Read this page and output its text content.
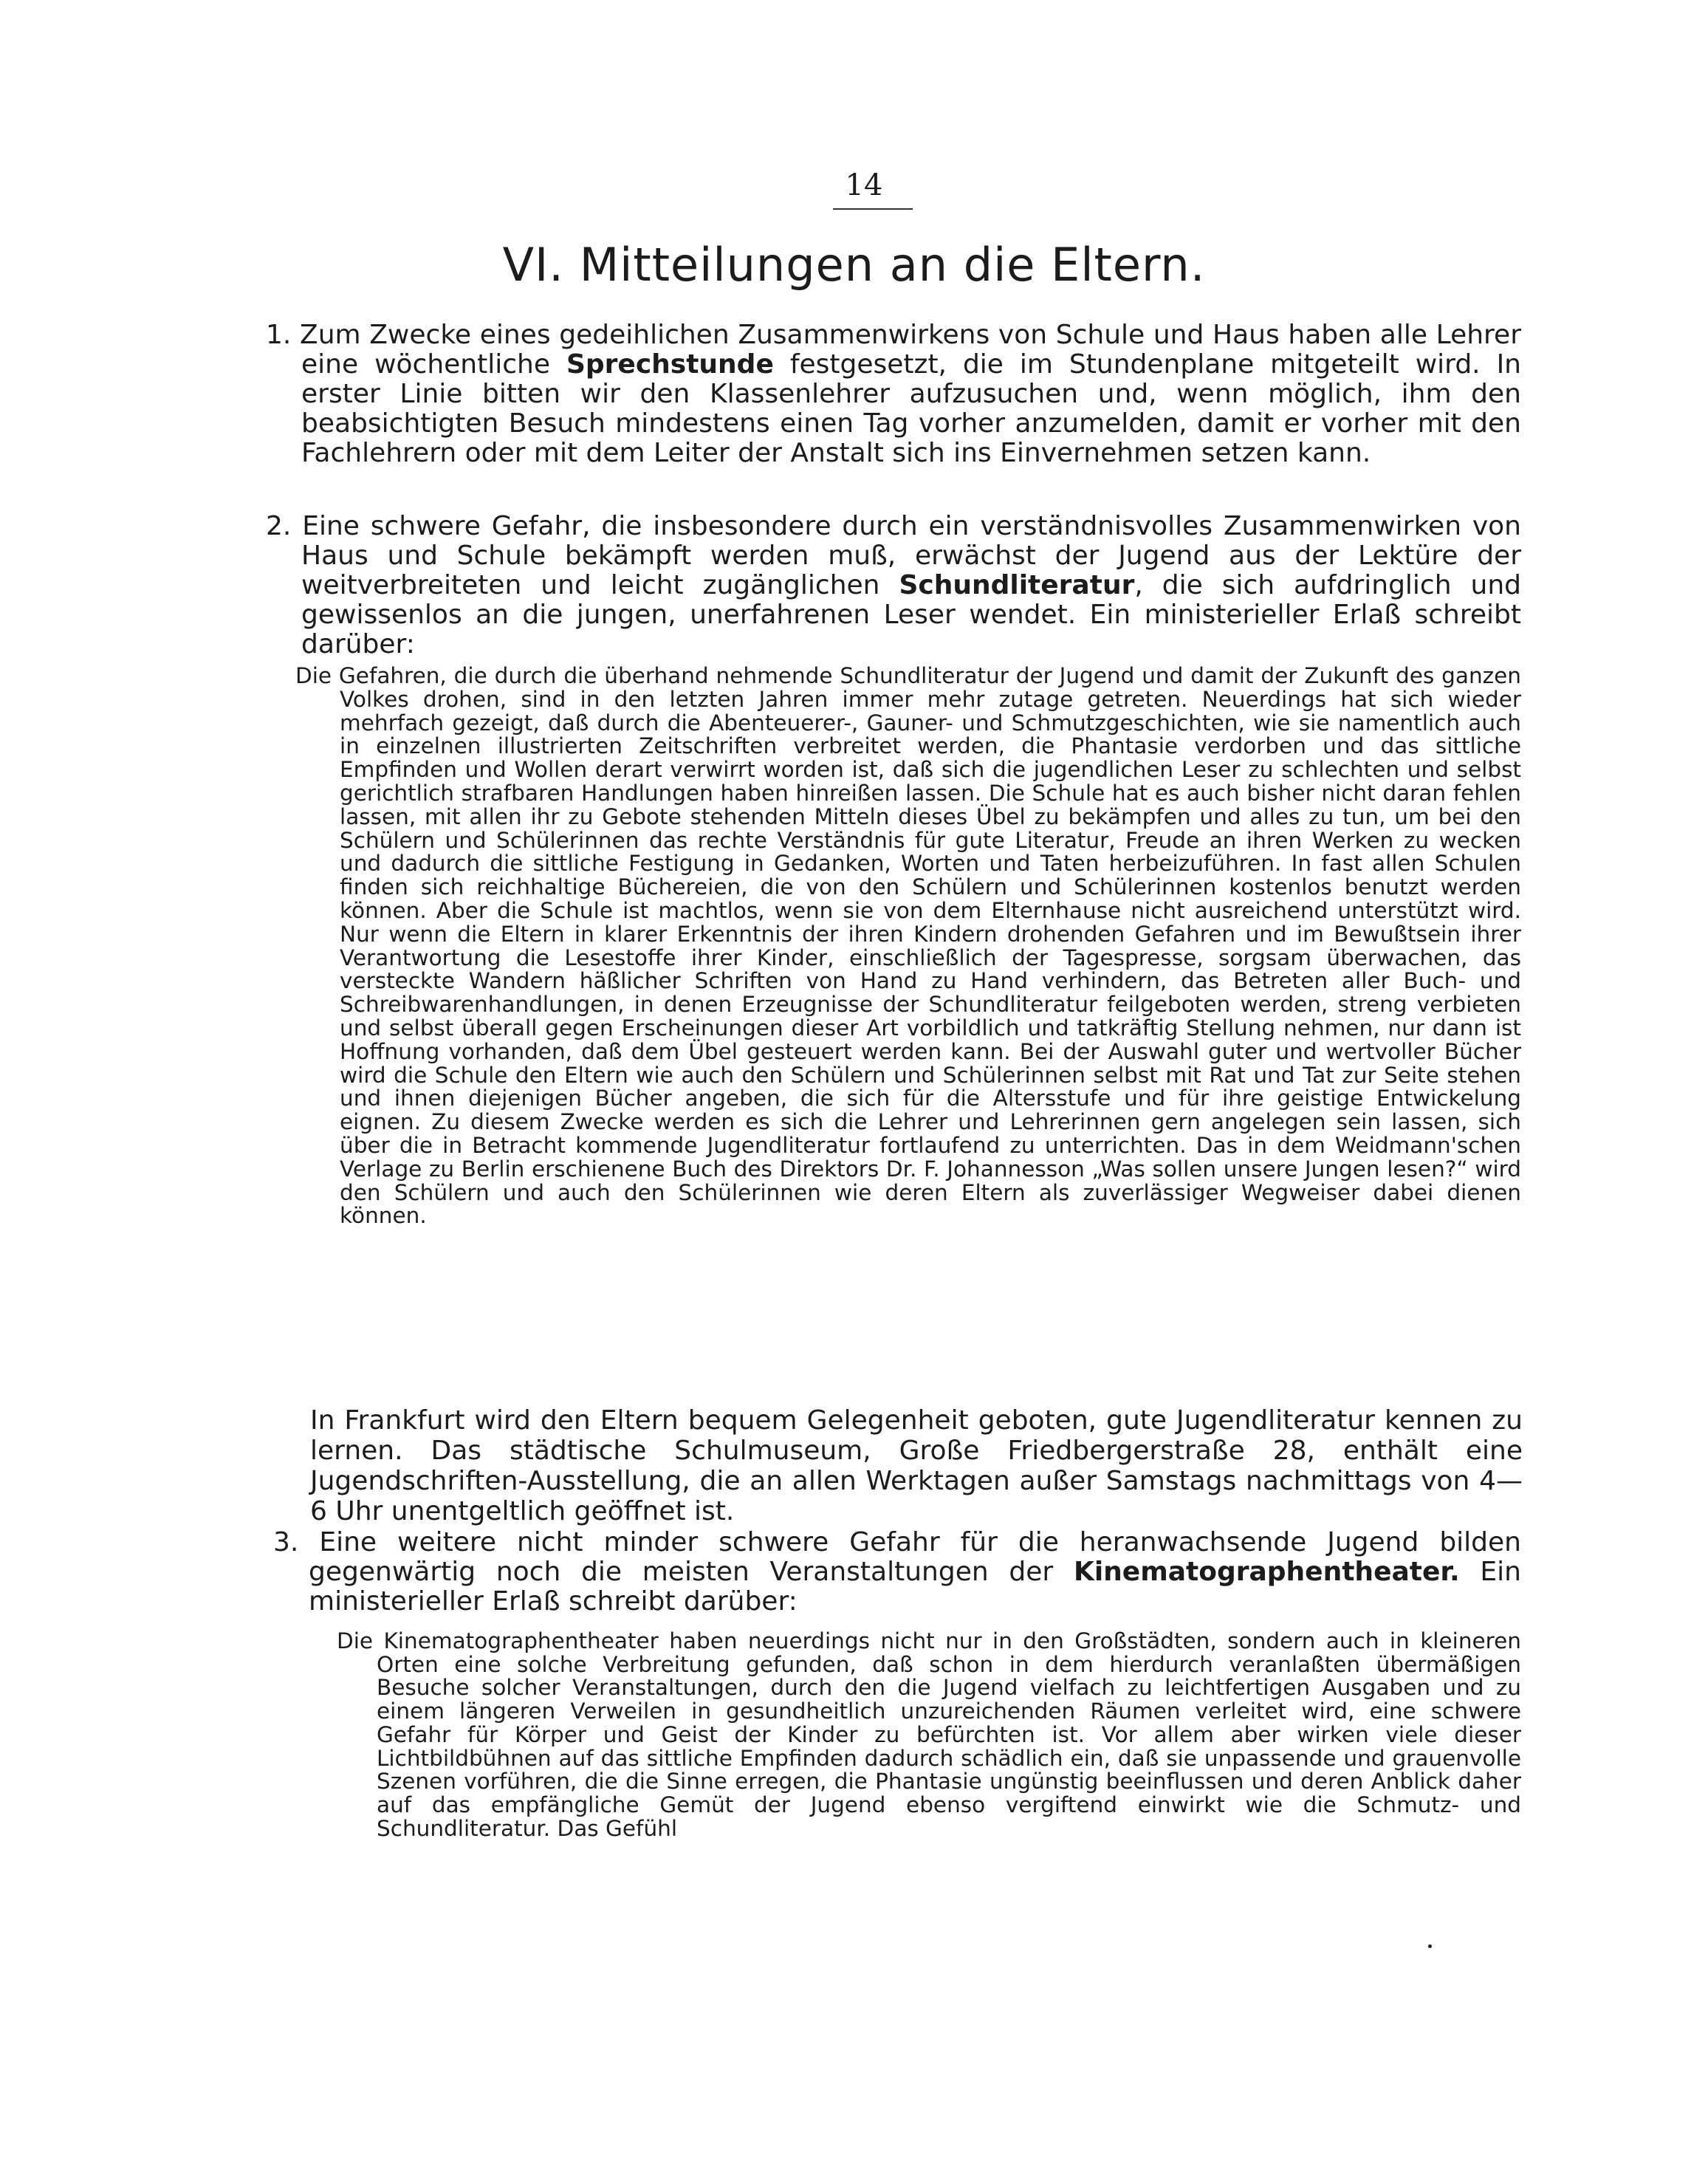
14
VI. Mitteilungen an die Eltern.

1. Zum Zwecke eines gedeihlichen Zusammenwirkens von Schule und Haus haben alle Lehrer eine wöchentliche Sprechstunde festgesetzt, die im Stundenplane mitgeteilt wird. In erster Linie bitten wir den Klassenlehrer aufzusuchen und, wenn möglich, ihm den beabsichtigten Besuch mindestens einen Tag vorher anzumelden, damit er vorher mit den Fachlehrern oder mit dem Leiter der Anstalt sich ins Einvernehmen setzen kann.

2. Eine schwere Gefahr, die insbesondere durch ein verständnisvolles Zusammenwirken von Haus und Schule bekämpft werden muß, erwächst der Jugend aus der Lektüre der weitverbreiteten und leicht zugänglichen Schundliteratur, die sich aufdringlich und gewissenlos an die jungen, unerfahrenen Leser wendet. Ein ministerieller Erlaß schreibt darüber:

Die Gefahren, die durch die überhand nehmende Schundliteratur der Jugend und damit der Zukunft des ganzen Volkes drohen, sind in den letzten Jahren immer mehr zutage getreten. Neuerdings hat sich wieder mehrfach gezeigt, daß durch die Abenteuerer-, Gauner- und Schmutzgeschichten, wie sie namentlich auch in einzelnen illustrierten Zeitschriften verbreitet werden, die Phantasie verdorben und das sittliche Empfinden und Wollen derart verwirrt worden ist, daß sich die jugendlichen Leser zu schlechten und selbst gerichtlich strafbaren Handlungen haben hinreißen lassen. Die Schule hat es auch bisher nicht daran fehlen lassen, mit allen ihr zu Gebote stehenden Mitteln dieses Übel zu bekämpfen und alles zu tun, um bei den Schülern und Schülerinnen das rechte Verständnis für gute Literatur, Freude an ihren Werken zu wecken und dadurch die sittliche Festigung in Gedanken, Worten und Taten herbeizuführen. In fast allen Schulen finden sich reichhaltige Büchereien, die von den Schülern und Schülerinnen kostenlos benutzt werden können. Aber die Schule ist machtlos, wenn sie von dem Elternhause nicht ausreichend unterstützt wird. Nur wenn die Eltern in klarer Erkenntnis der ihren Kindern drohenden Gefahren und im Bewußtsein ihrer Verantwortung die Lesestoffe ihrer Kinder, einschließlich der Tagespresse, sorgsam überwachen, das versteckte Wandern häßlicher Schriften von Hand zu Hand verhindern, das Betreten aller Buch- und Schreibwarenhandlungen, in denen Erzeugnisse der Schundliteratur feilgeboten werden, streng verbieten und selbst überall gegen Erscheinungen dieser Art vorbildlich und tatkräftig Stellung nehmen, nur dann ist Hoffnung vorhanden, daß dem Übel gesteuert werden kann. Bei der Auswahl guter und wertvoller Bücher wird die Schule den Eltern wie auch den Schülern und Schülerinnen selbst mit Rat und Tat zur Seite stehen und ihnen diejenigen Bücher angeben, die sich für die Altersstufe und für ihre geistige Entwickelung eignen. Zu diesem Zwecke werden es sich die Lehrer und Lehrerinnen gern angelegen sein lassen, sich über die in Betracht kommende Jugendliteratur fortlaufend zu unterrichten. Das in dem Weidmann'schen Verlage zu Berlin erschienene Buch des Direktors Dr. F. Johannesson „Was sollen unsere Jungen lesen?“ wird den Schülern und auch den Schülerinnen wie deren Eltern als zuverlässiger Wegweiser dabei dienen können.

In Frankfurt wird den Eltern bequem Gelegenheit geboten, gute Jugendliteratur kennen zu lernen. Das städtische Schulmuseum, Große Friedbergerstraße 28, enthält eine Jugendschriften-Ausstellung, die an allen Werktagen außer Samstags nachmittags von 4—6 Uhr unentgeltlich geöffnet ist.

3. Eine weitere nicht minder schwere Gefahr für die heranwachsende Jugend bilden gegenwärtig noch die meisten Veranstaltungen der Kinematographentheater. Ein ministerieller Erlaß schreibt darüber:

Die Kinematographentheater haben neuerdings nicht nur in den Großstädten, sondern auch in kleineren Orten eine solche Verbreitung gefunden, daß schon in dem hierdurch veranlaßten übermäßigen Besuche solcher Veranstaltungen, durch den die Jugend vielfach zu leichtfertigen Ausgaben und zu einem längeren Verweilen in gesundheitlich unzureichenden Räumen verleitet wird, eine schwere Gefahr für Körper und Geist der Kinder zu befürchten ist. Vor allem aber wirken viele dieser Lichtbildbühnen auf das sittliche Empfinden dadurch schädlich ein, daß sie unpassende und grauenvolle Szenen vorführen, die die Sinne erregen, die Phantasie ungünstig beeinflussen und deren Anblick daher auf das empfängliche Gemüt der Jugend ebenso vergiftend einwirkt wie die Schmutz- und Schundliteratur. Das Gefühl
